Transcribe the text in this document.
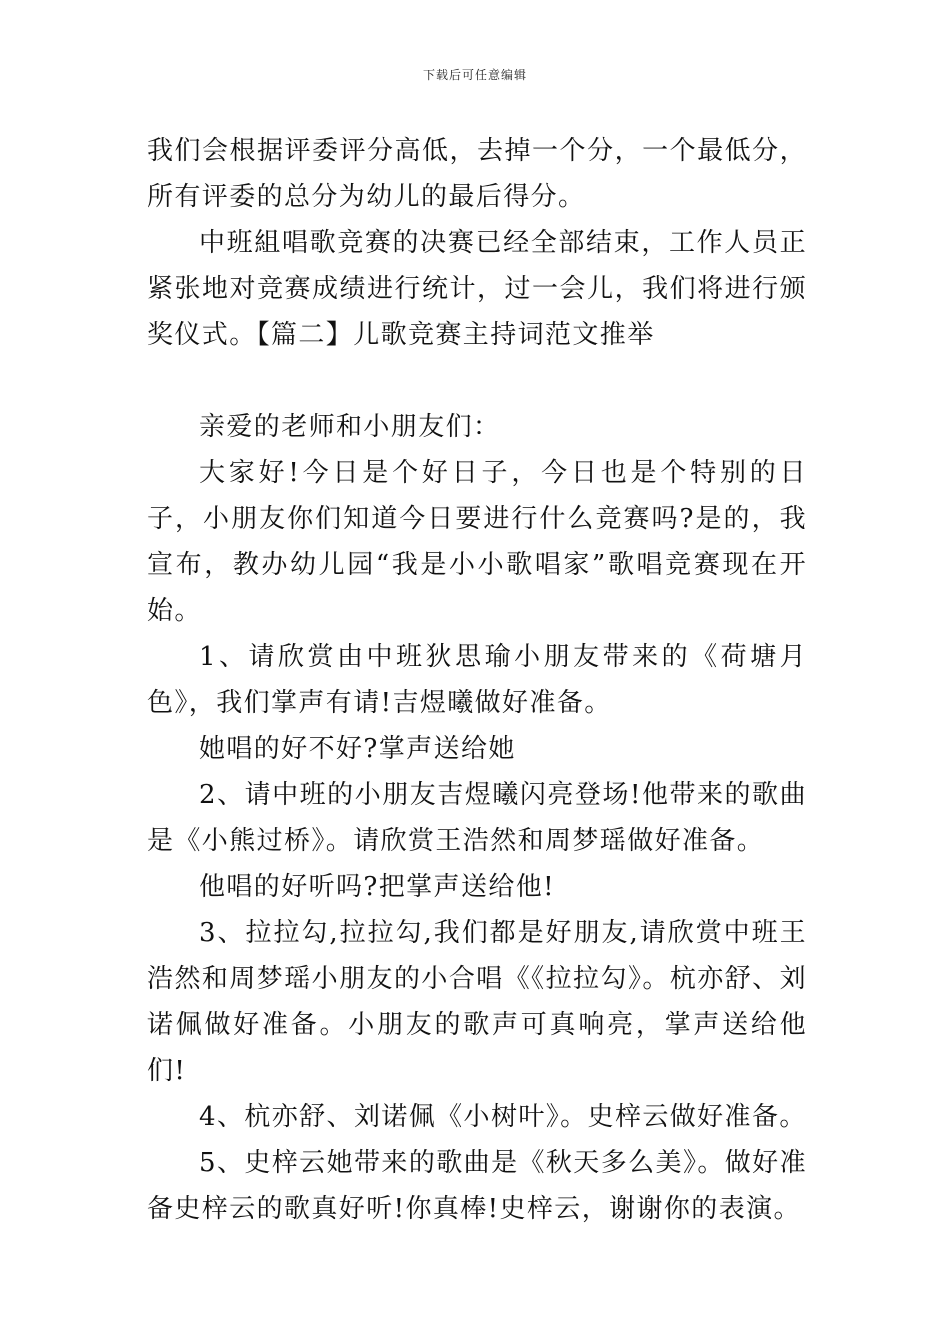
下载后可任意编辑

我们会根据评委评分高低，去掉一个分，一个最低分，所有评委的总分为幼儿的最后得分。

中班組唱歌竞赛的决赛已经全部结束，工作人员正紧张地对竞赛成绩进行统计，过一会儿，我们将进行颁奖仪式。【篇二】儿歌竞赛主持词范文推举

亲爱的老师和小朋友们：

大家好!今日是个好日子，今日也是个特别的日子，小朋友你们知道今日要进行什么竞赛吗?是的，我宣布，教办幼儿园“我是小小歌唱家”歌唱竞赛现在开始。

1、请欣赏由中班狄思瑜小朋友带来的《荷塘月色》，我们掌声有请!吉煜曦做好准备。

她唱的好不好?掌声送给她

2、请中班的小朋友吉煜曦闪亮登场!他带来的歌曲是《小熊过桥》。请欣赏王浩然和周梦瑶做好准备。

他唱的好听吗?把掌声送给他!

3、拉拉勾,拉拉勾,我们都是好朋友,请欣赏中班王浩然和周梦瑶小朋友的小合唱《《拉拉勾》。杭亦舒、刘诺佩做好准备。小朋友的歌声可真响亮，掌声送给他们!

4、杭亦舒、刘诺佩《小树叶》。史梓云做好准备。

5、史梓云她带来的歌曲是《秋天多么美》。做好准备史梓云的歌真好听!你真棒!史梓云，谢谢你的表演。
